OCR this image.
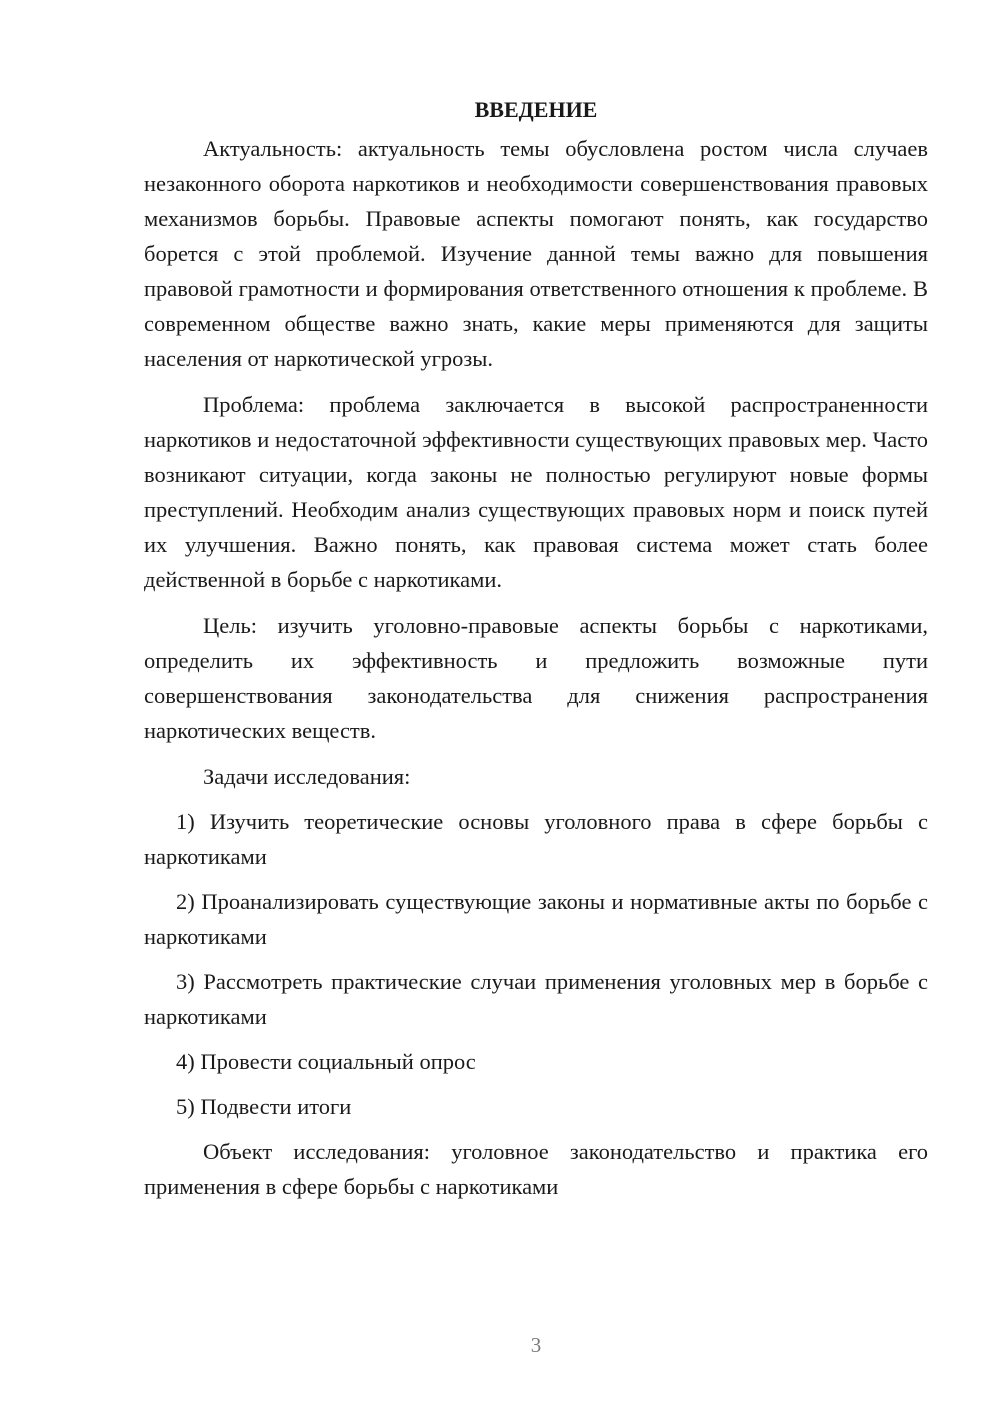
ВВЕДЕНИЕ

Актуальность: актуальность темы обусловлена ростом числа случаев незаконного оборота наркотиков и необходимости совершенствования правовых механизмов борьбы. Правовые аспекты помогают понять, как государство борется с этой проблемой. Изучение данной темы важно для повышения правовой грамотности и формирования ответственного отношения к проблеме. В современном обществе важно знать, какие меры применяются для защиты населения от наркотической угрозы.

Проблема: проблема заключается в высокой распространенности наркотиков и недостаточной эффективности существующих правовых мер. Часто возникают ситуации, когда законы не полностью регулируют новые формы преступлений. Необходим анализ существующих правовых норм и поиск путей их улучшения. Важно понять, как правовая система может стать более действенной в борьбе с наркотиками.

Цель: изучить уголовно-правовые аспекты борьбы с наркотиками, определить их эффективность и предложить возможные пути совершенствования законодательства для снижения распространения наркотических веществ.

Задачи исследования:

1) Изучить теоретические основы уголовного права в сфере борьбы с наркотиками

2) Проанализировать существующие законы и нормативные акты по борьбе с наркотиками

3) Рассмотреть практические случаи применения уголовных мер в борьбе с наркотиками

4) Провести социальный опрос

5) Подвести итоги

Объект исследования: уголовное законодательство и практика его применения в сфере борьбы с наркотиками

3
